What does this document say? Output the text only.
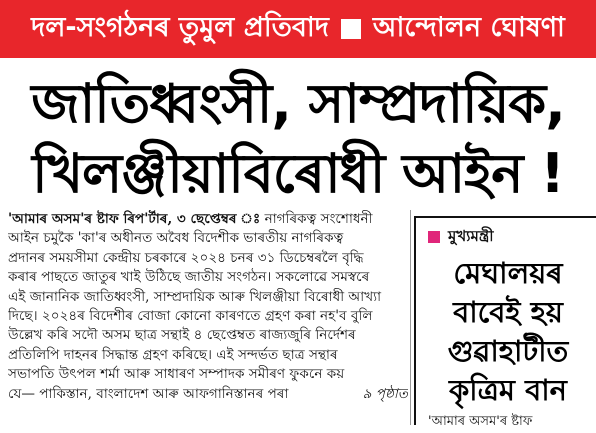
দল-সংগঠনৰ তুমুল প্ৰতিবাদ আন্দোলন ঘোষণা
জাতিধ্বংসী, সাম্প্ৰদায়িক,
খিলঞ্জীয়াবিৰোধী আইন !
'আমাৰ অসম'ৰ ষ্টাফ ৰিপ'ৰ্টাৰ, ৩ ছেপ্তেম্বৰ ঃ নাগৰিকত্ব সংশোধনী
আইন চমুকৈ 'কা'ৰ অধীনত অবৈধ বিদেশীক ভাৰতীয় নাগৰিকত্ব
প্ৰদানৰ সময়সীমা কেন্দ্ৰীয় চৰকাৰে ২০২৪ চনৰ ৩১ ডিচেম্বৰলৈ বৃদ্ধি
কৰাৰ পাছতে জাতুৰ খাই উঠিছে জাতীয় সংগঠন। সকলোৱে সমস্বৰে
এই জানানিক জাতিধ্বংসী, সাম্প্ৰদায়িক আৰু খিলঞ্জীয়া বিৰোধী আখ্যা
দিছে। ২০২৪ৰ বিদেশীৰ বোজা কোনো কাৰণতে গ্ৰহণ কৰা নহ'ব বুলি
উল্লেখ কৰি সদৌ অসম ছাত্ৰ সন্থাই ৪ ছেপ্তেম্বত ৰাজ্যজুৰি নিৰ্দেশৰ
প্ৰতিলিপি দাহনৰ সিদ্ধান্ত গ্ৰহণ কৰিছে। এই সন্দৰ্ভত ছাত্ৰ সন্থাৰ
সভাপতি উৎপল শৰ্মা আৰু সাধাৰণ সম্পাদক সমীৰণ ফুকনে কয়
যে— পাকিস্তান, বাংলাদেশ আৰু আফগানিস্তানৰ পৰা	৯ পৃষ্ঠাত
মুখ্যমন্ত্ৰী
মেঘালয়ৰ
বাবেই হয়
গুৱাহাটীত
কৃত্ৰিম বান
'আমাৰ অসম'ৰ ষ্টাফ
